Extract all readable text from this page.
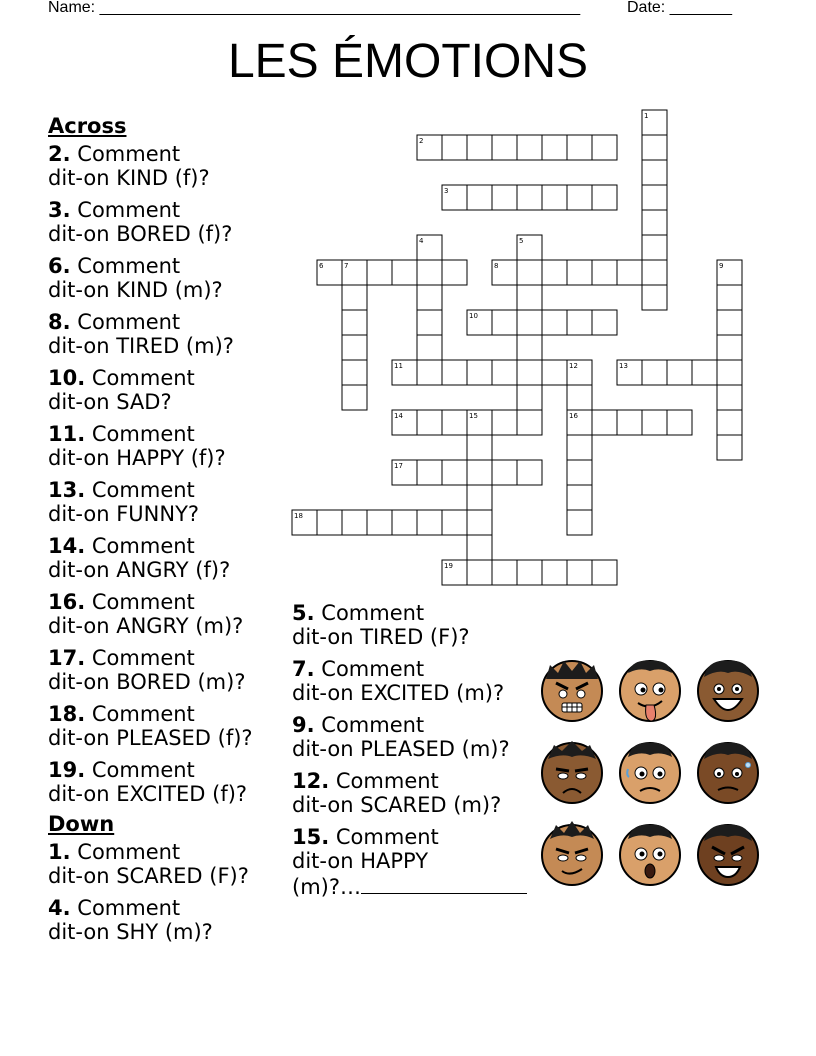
Name: ______________________________________________________	Date: _______
LES ÉMOTIONS
Across
2. Comment
dit-on KIND (f)?
3. Comment
dit-on BORED (f)?
6. Comment
dit-on KIND (m)?
8. Comment
dit-on TIRED (m)?
10. Comment
dit-on SAD?
11. Comment
dit-on HAPPY (f)?
13. Comment
dit-on FUNNY?
14. Comment
dit-on ANGRY (f)?
16. Comment
dit-on ANGRY (m)?
17. Comment
dit-on BORED (m)?
18. Comment
dit-on PLEASED (f)?
19. Comment
dit-on EXCITED (f)?
Down
1. Comment
dit-on SCARED (F)?
4. Comment
dit-on SHY (m)?
5. Comment
dit-on TIRED (F)?
7. Comment
dit-on EXCITED (m)?
9. Comment
dit-on PLEASED (m)?
12. Comment
dit-on SCARED (m)?
15. Comment
dit-on HAPPY
(m)?…
1
2
3
4	5
6	7	8	9
10
11	12	13
14	15	16
17
18
19
